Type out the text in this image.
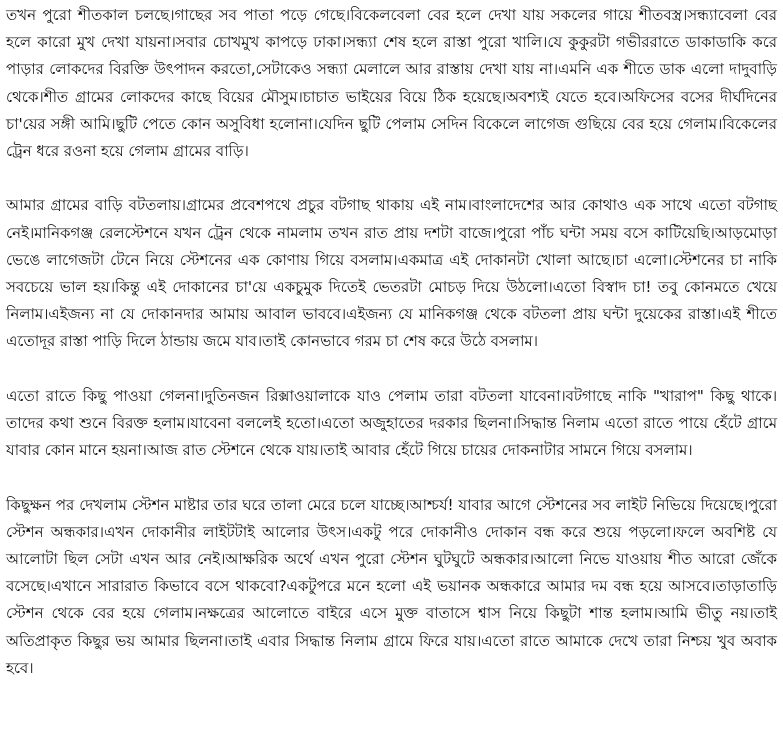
তখন পুরো শীতকাল চলছে।গাছের সব পাতা পড়ে গেছে।বিকেলবেলা বের হলে দেখা যায় সকলের গায়ে শীতবস্ত্র।সন্ধ্যাবেলা বের হলে কারো মুখ দেখা যায়না।সবার চোখমুখ কাপড়ে ঢাকা।সন্ধ্যা শেষ হলে রাস্তা পুরো খালি।যে কুকুরটা গভীররাতে ডাকাডাকি করে পাড়ার লোকদের বিরক্তি উৎপাদন করতো,সেটাকেও সন্ধ্যা মেলালে আর রাস্তায় দেখা যায় না।এমনি এক শীতে ডাক এলো দাদুবাড়ি থেকে।শীত গ্রামের লোকদের কাছে বিয়ের মৌসুম।চাচাত ভাইয়ের বিয়ে ঠিক হয়েছে।অবশ্যই যেতে হবে।অফিসের বসের দীর্ঘদিনের চা'য়ের সঙ্গী আমি।ছুটি পেতে কোন অসুবিধা হলোনা।যেদিন ছুটি পেলাম সেদিন বিকেলে লাগেজ গুছিয়ে বের হয়ে গেলাম।বিকেলের ট্রেন ধরে রওনা হয়ে গেলাম গ্রামের বাড়ি।

আমার গ্রামের বাড়ি বটতলায়।গ্রামের প্রবেশপথে প্রচুর বটগাছ থাকায় এই নাম।বাংলাদেশের আর কোথাও এক সাথে এতো বটগাছ নেই।মানিকগঞ্জ রেলস্টেশনে যখন ট্রেন থেকে নামলাম তখন রাত প্রায় দশটা বাজে।পুরো পাঁচ ঘন্টা সময় বসে কাটিয়েছি।আড়মোড়া ভেঙে লাগেজটা টেনে নিয়ে স্টেশনের এক কোণায় গিয়ে বসলাম।একমাত্র এই দোকানটা খোলা আছে।চা এলো।স্টেশনের চা নাকি সবচেয়ে ভাল হয়।কিন্তু এই দোকানের চা'য়ে একচুমুক দিতেই ভেতরটা মোচড় দিয়ে উঠলো।এতো বিস্বাদ চা! তবু কোনমতে খেয়ে নিলাম।এইজন্য না যে দোকানদার আমায় আবাল ভাববে।এইজন্য যে মানিকগঞ্জ থেকে বটতলা প্রায় ঘন্টা দুয়েকের রাস্তা।এই শীতে এতোদূর রাস্তা পাড়ি দিলে ঠান্ডায় জমে যাব।তাই কোনভাবে গরম চা শেষ করে উঠে বসলাম।

এতো রাতে কিছু পাওয়া গেলনা।দুতিনজন রিক্সাওয়ালাকে যাও পেলাম তারা বটতলা যাবেনা।বটগাছে নাকি "খারাপ" কিছু থাকে।তাদের কথা শুনে বিরক্ত হলাম।যাবেনা বললেই হতো।এতো অজুহাতের দরকার ছিলনা।সিদ্ধান্ত নিলাম এতো রাতে পায়ে হেঁটে গ্রামে যাবার কোন মানে হয়না।আজ রাত স্টেশনে থেকে যায়।তাই আবার হেঁটে গিয়ে চায়ের দোকনাটার সামনে গিয়ে বসলাম।

কিছুক্ষন পর দেখলাম স্টেশন মাষ্টার তার ঘরে তালা মেরে চলে যাচ্ছে।আশ্চর্য! যাবার আগে স্টেশনের সব লাইট নিভিয়ে দিয়েছে।পুরো স্টেশন অন্ধকার।এখন দোকানীর লাইটটাই আলোর উৎস।একটু পরে দোকানীও দোকান বন্ধ করে শুয়ে পড়লো।ফলে অবশিষ্ট যে আলোটা ছিল সেটা এখন আর নেই।আক্ষরিক অর্থে এখন পুরো স্টেশন ঘুটঘুটে অন্ধকার।আলো নিভে যাওয়ায় শীত আরো জেঁকে বসেছে।এখানে সারারাত কিভাবে বসে থাকবো?একটুপরে মনে হলো এই ভয়ানক অন্ধকারে আমার দম বন্ধ হয়ে আসবে।তাড়াতাড়ি স্টেশন থেকে বের হয়ে গেলাম।নক্ষত্রের আলোতে বাইরে এসে মুক্ত বাতাসে শ্বাস নিয়ে কিছুটা শান্ত হলাম।আমি ভীতু নয়।তাই অতিপ্রাকৃত কিছুর ভয় আমার ছিলনা।তাই এবার সিদ্ধান্ত নিলাম গ্রামে ফিরে যায়।এতো রাতে আমাকে দেখে তারা নিশ্চয় খুব অবাক হবে।
